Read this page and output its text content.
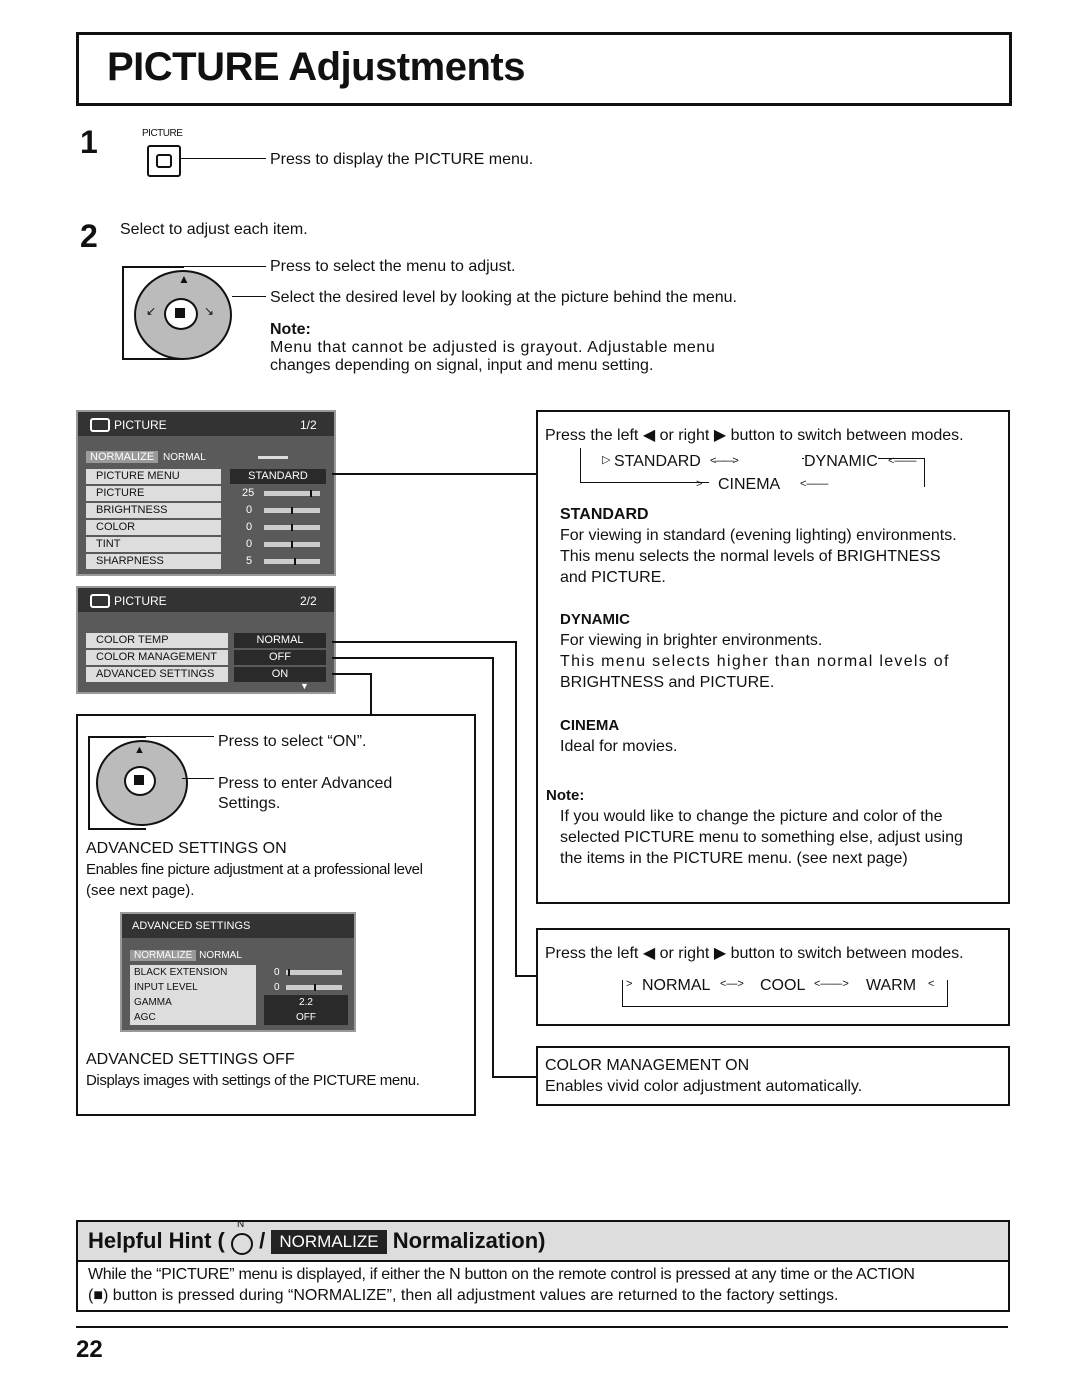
PICTURE Adjustments
1	PICTURE
Press to display the PICTURE menu.
2 Select to adjust each item.
▲
↙	↘
Press to select the menu to adjust.
Select the desired level by looking at the picture behind the menu.
Note:
Menu that cannot be adjusted is grayout. Adjustable menu
changes depending on signal, input and menu setting.
PICTURE	1/2
NORMALIZE NORMAL
PICTURE MENU	STANDARD
PICTURE	25
BRIGHTNESS	0
COLOR	0
TINT	0
SHARPNESS	5
PICTURE	2/2
COLOR TEMP	NORMAL
COLOR MANAGEMENT	OFF
ADVANCED SETTINGS	ON
▼
Press the left ◀ or right ▶ button to switch between modes.
STANDARD	DYNAMIC
CINEMA
▷	<——>	<——
>	<——
STANDARD
For viewing in standard (evening lighting) environments.
This menu selects the normal levels of BRIGHTNESS
and PICTURE.
DYNAMIC
For viewing in brighter environments.
This menu selects higher than normal levels of
BRIGHTNESS and PICTURE.
CINEMA
Ideal for movies.
Note:
If you would like to change the picture and color of the
selected PICTURE menu to something else, adjust using
the items in the PICTURE menu. (see next page)
Press the left ◀ or right ▶ button to switch between modes.
NORMAL	COOL	WARM
>	<—>	<——>	<
COLOR MANAGEMENT ON
Enables vivid color adjustment automatically.
▲	Press to select “ON”.
Press to enter Advanced
Settings.
ADVANCED SETTINGS ON
Enables fine picture adjustment at a professional level
(see next page).
ADVANCED SETTINGS
NORMALIZE NORMAL
BLACK EXTENSION	0
INPUT LEVEL	0
GAMMA	2.2
AGC	OFF
ADVANCED SETTINGS OFF
Displays images with settings of the PICTURE menu.
Helpful Hint (
N
/ NORMALIZE Normalization)
While the “PICTURE” menu is displayed, if either the N button on the remote control is pressed at any time or the ACTION
(■) button is pressed during “NORMALIZE”, then all adjustment values are returned to the factory settings.
22
